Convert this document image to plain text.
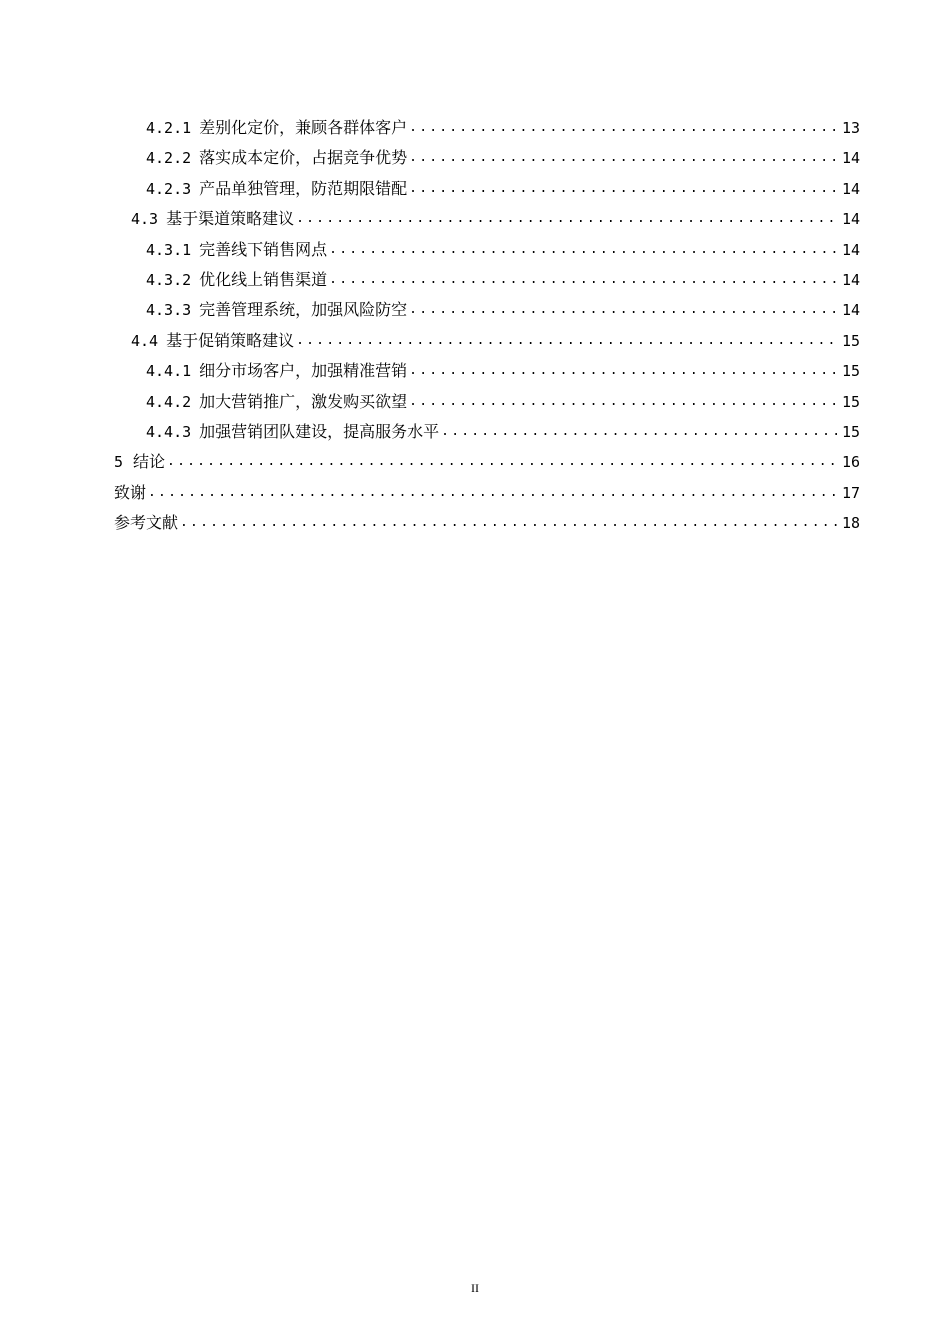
4.2.1 差别化定价，兼顾各群体客户 .....	13
4.2.2 落实成本定价，占据竞争优势 .....	14
4.2.3 产品单独管理，防范期限错配 .....	14
4.3 基于渠道策略建议 .....	14
4.3.1 完善线下销售网点 .....	14
4.3.2 优化线上销售渠道 .....	14
4.3.3 完善管理系统，加强风险防空 .....	14
4.4 基于促销策略建议 .....	15
4.4.1 细分市场客户，加强精准营销 .....	15
4.4.2 加大营销推广，激发购买欲望 .....	15
4.4.3 加强营销团队建设，提高服务水平 .....	15
5 结论 .....	16
致谢 .....	17
参考文献 .....	18
II
